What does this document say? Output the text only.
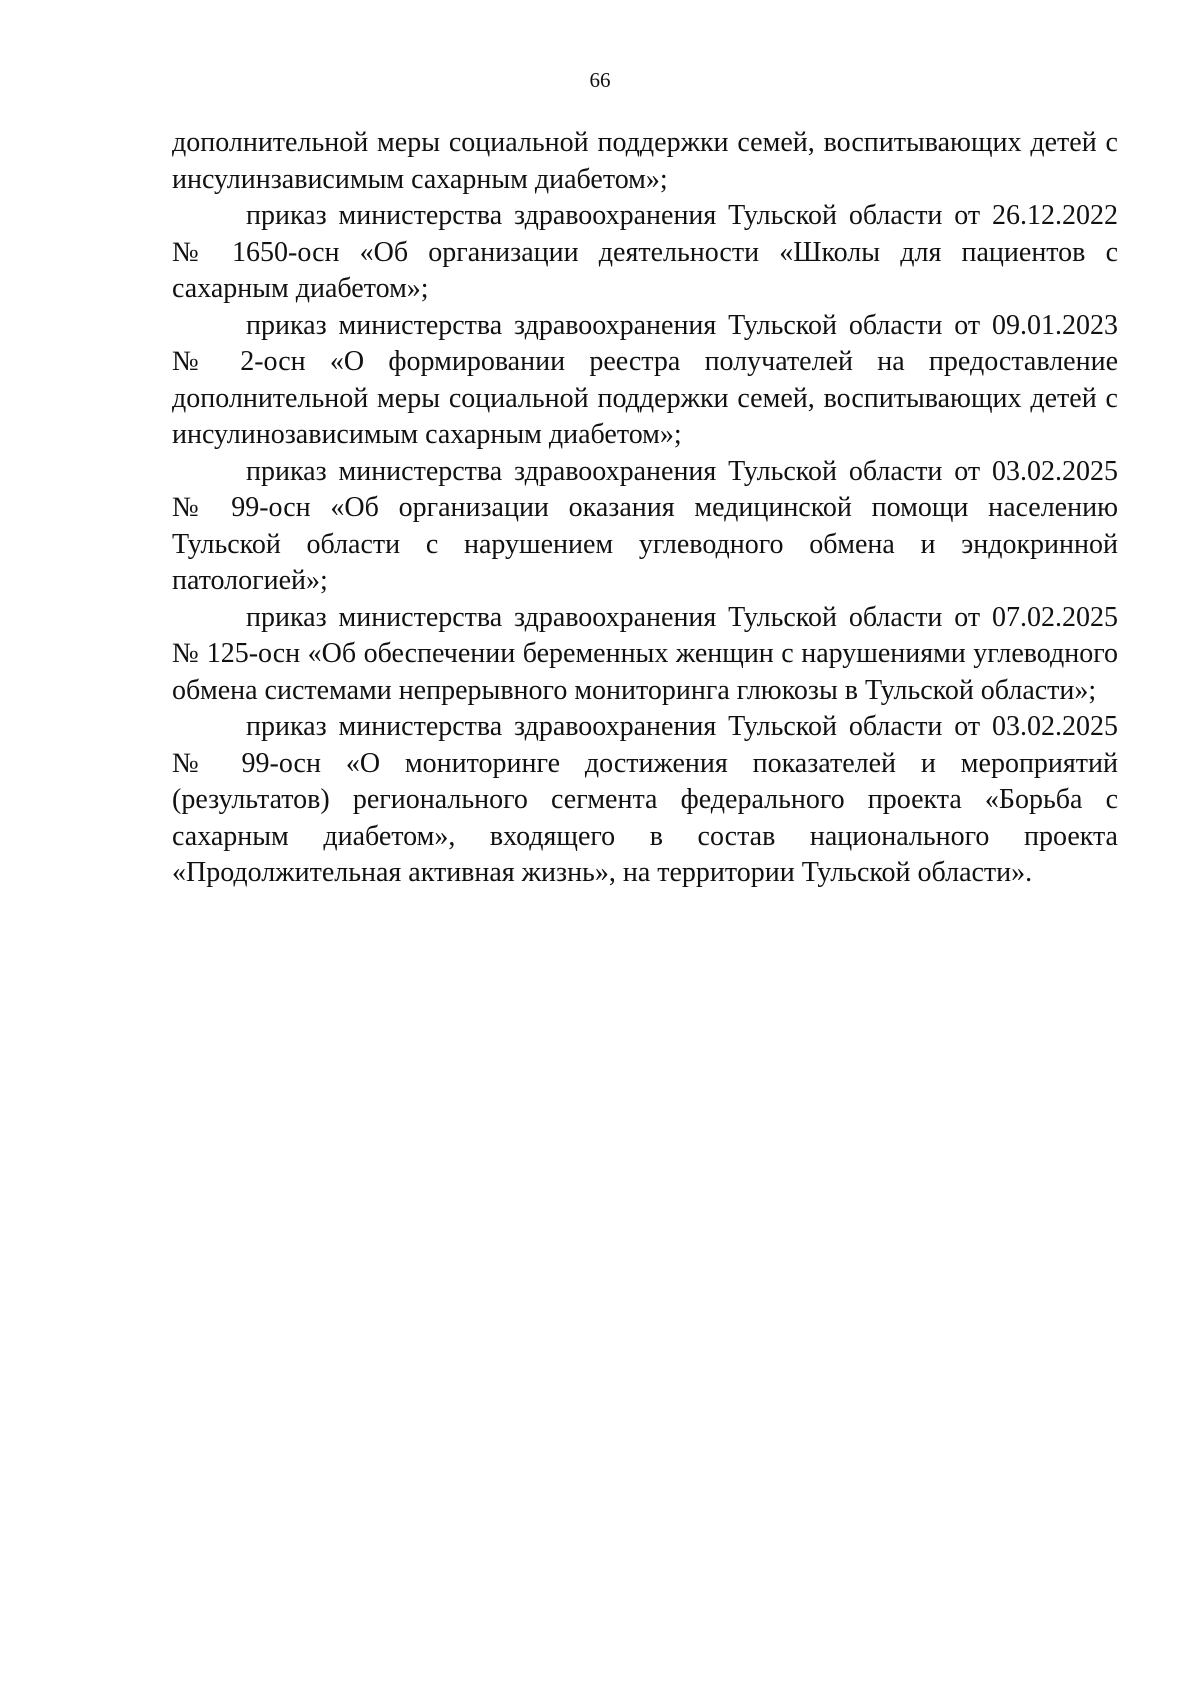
66

дополнительной меры социальной поддержки семей, воспитывающих детей с инсулинзависимым сахарным диабетом»;

приказ министерства здравоохранения Тульской области от 26.12.2022 № 1650-осн «Об организации деятельности «Школы для пациентов с сахарным диабетом»;

приказ министерства здравоохранения Тульской области от 09.01.2023 № 2-осн «О формировании реестра получателей на предоставление дополнительной меры социальной поддержки семей, воспитывающих детей с инсулинозависимым сахарным диабетом»;

приказ министерства здравоохранения Тульской области от 03.02.2025 № 99-осн «Об организации оказания медицинской помощи населению Тульской области с нарушением углеводного обмена и эндокринной патологией»;

приказ министерства здравоохранения Тульской области от 07.02.2025 № 125-осн «Об обеспечении беременных женщин с нарушениями углеводного обмена системами непрерывного мониторинга глюкозы в Тульской области»;

приказ министерства здравоохранения Тульской области от 03.02.2025 № 99-осн «О мониторинге достижения показателей и мероприятий (результатов) регионального сегмента федерального проекта «Борьба с сахарным диабетом», входящего в состав национального проекта «Продолжительная активная жизнь», на территории Тульской области».
